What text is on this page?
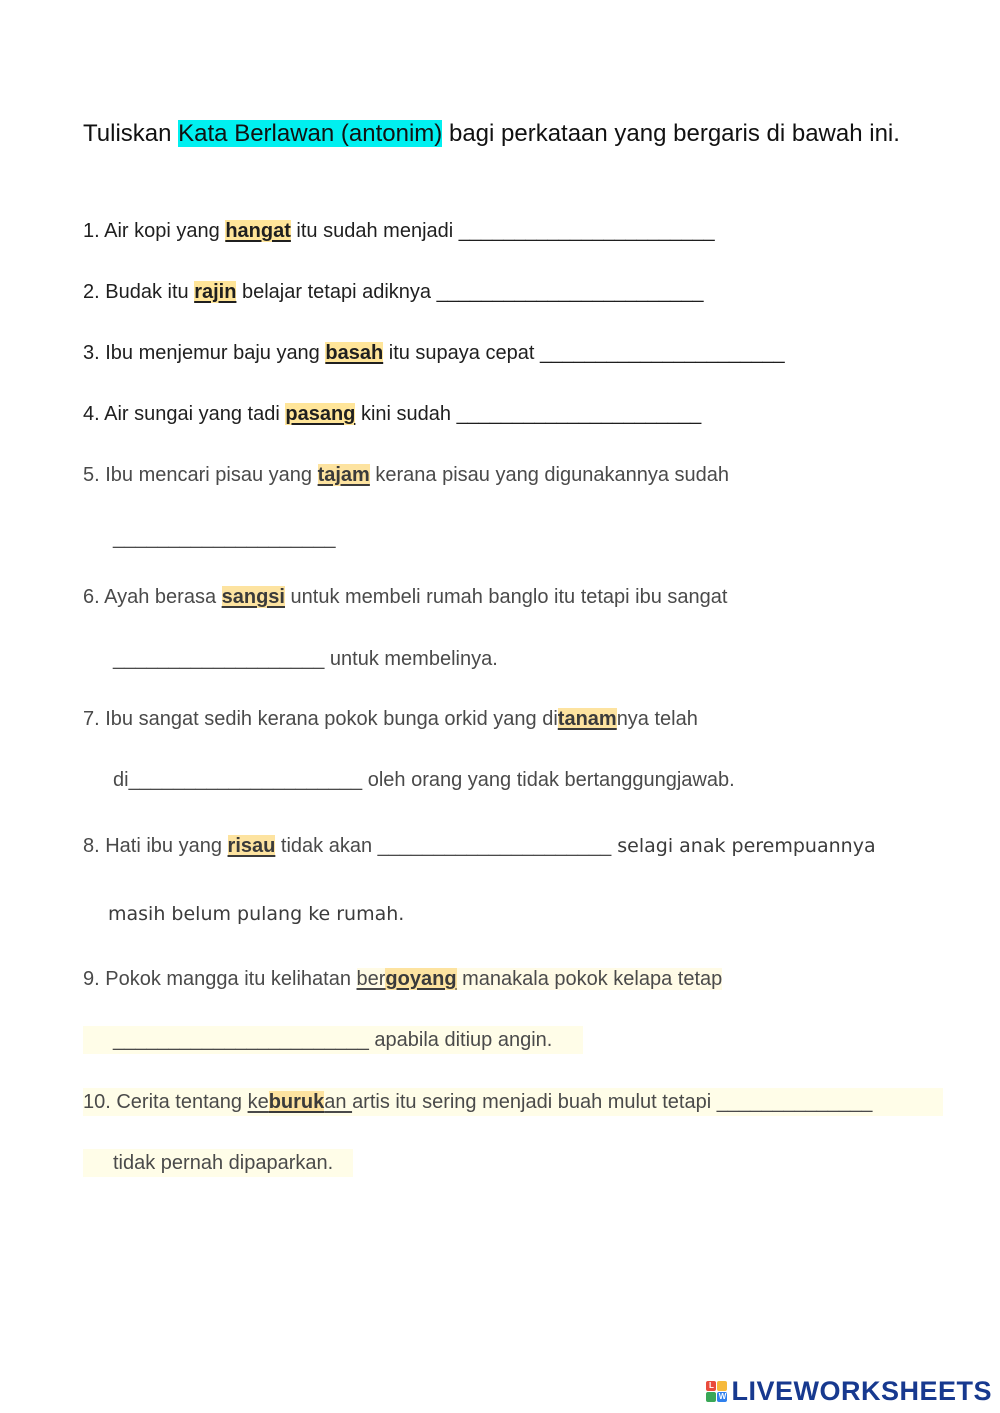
Tuliskan Kata Berlawan (antonim) bagi perkataan yang bergaris di bawah ini.
1. Air kopi yang hangat itu sudah menjadi _______________________
2. Budak itu rajin belajar tetapi adiknya ________________________
3. Ibu menjemur baju yang basah itu supaya cepat ______________________
4. Air sungai yang tadi pasang kini sudah ______________________
5. Ibu mencari pisau yang tajam kerana pisau yang digunakannya sudah
____________________
6. Ayah berasa sangsi untuk membeli rumah banglo itu tetapi ibu sangat
___________________ untuk membelinya.
7. Ibu sangat sedih kerana pokok bunga orkid yang ditanamnya telah
di_____________________ oleh orang yang tidak bertanggungjawab.
8. Hati ibu yang risau tidak akan _____________________ selagi anak perempuannya
masih belum pulang ke rumah.
9. Pokok mangga itu kelihatan bergoyang manakala pokok kelapa tetap
_______________________ apabila ditiup angin.
10. Cerita tentang keburukan artis itu sering menjadi buah mulut tetapi ______________
tidak pernah dipaparkan.
L
W LIVEWORKSHEETS
